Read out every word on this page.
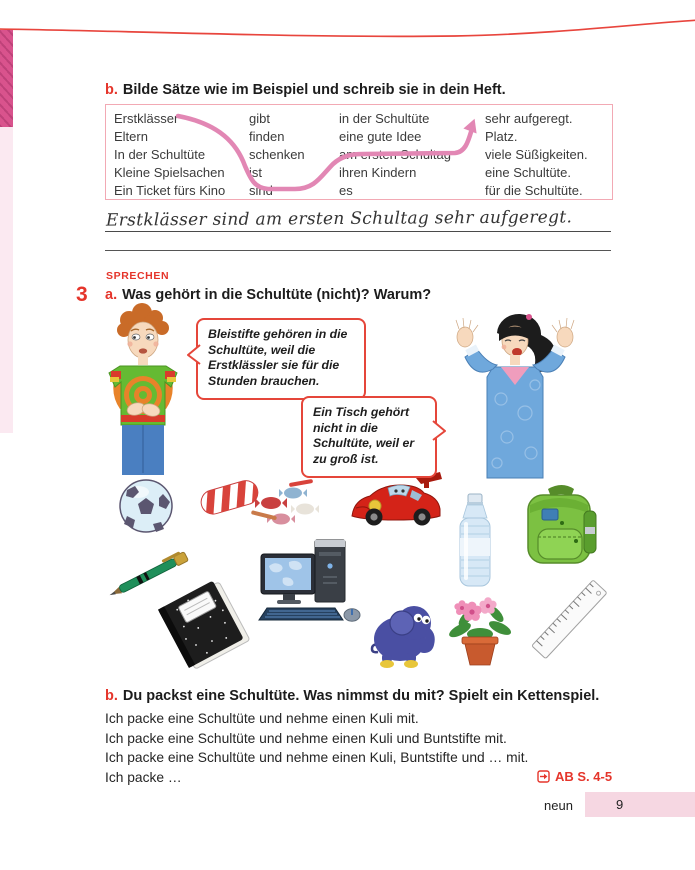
b. Bilde Sätze wie im Beispiel und schreib sie in dein Heft.
Erstklässer	gibt	in der Schultüte	sehr aufgeregt.
Eltern	finden	eine gute Idee	Platz.
In der Schultüte	schenken	am ersten Schultag	viele Süßigkeiten.
Kleine Spielsachen	ist	ihren Kindern	eine Schultüte.
Ein Ticket fürs Kino	sind	es	für die Schultüte.
Erstklässer sind am ersten Schultag sehr aufgeregt.
SPRECHEN
3 a. Was gehört in die Schultüte (nicht)? Warum?
Bleistifte gehören in die Schultüte, weil die Erstklässler sie für die Stunden brauchen.
Ein Tisch gehört nicht in die Schultüte, weil er zu groß ist.
b. Du packst eine Schultüte. Was nimmst du mit? Spielt ein Kettenspiel.
Ich packe eine Schultüte und nehme einen Kuli mit.
Ich packe eine Schultüte und nehme einen Kuli und Buntstifte mit.
Ich packe eine Schultüte und nehme einen Kuli, Buntstifte und … mit.
Ich packe …	AB S. 4-5
neun	9
